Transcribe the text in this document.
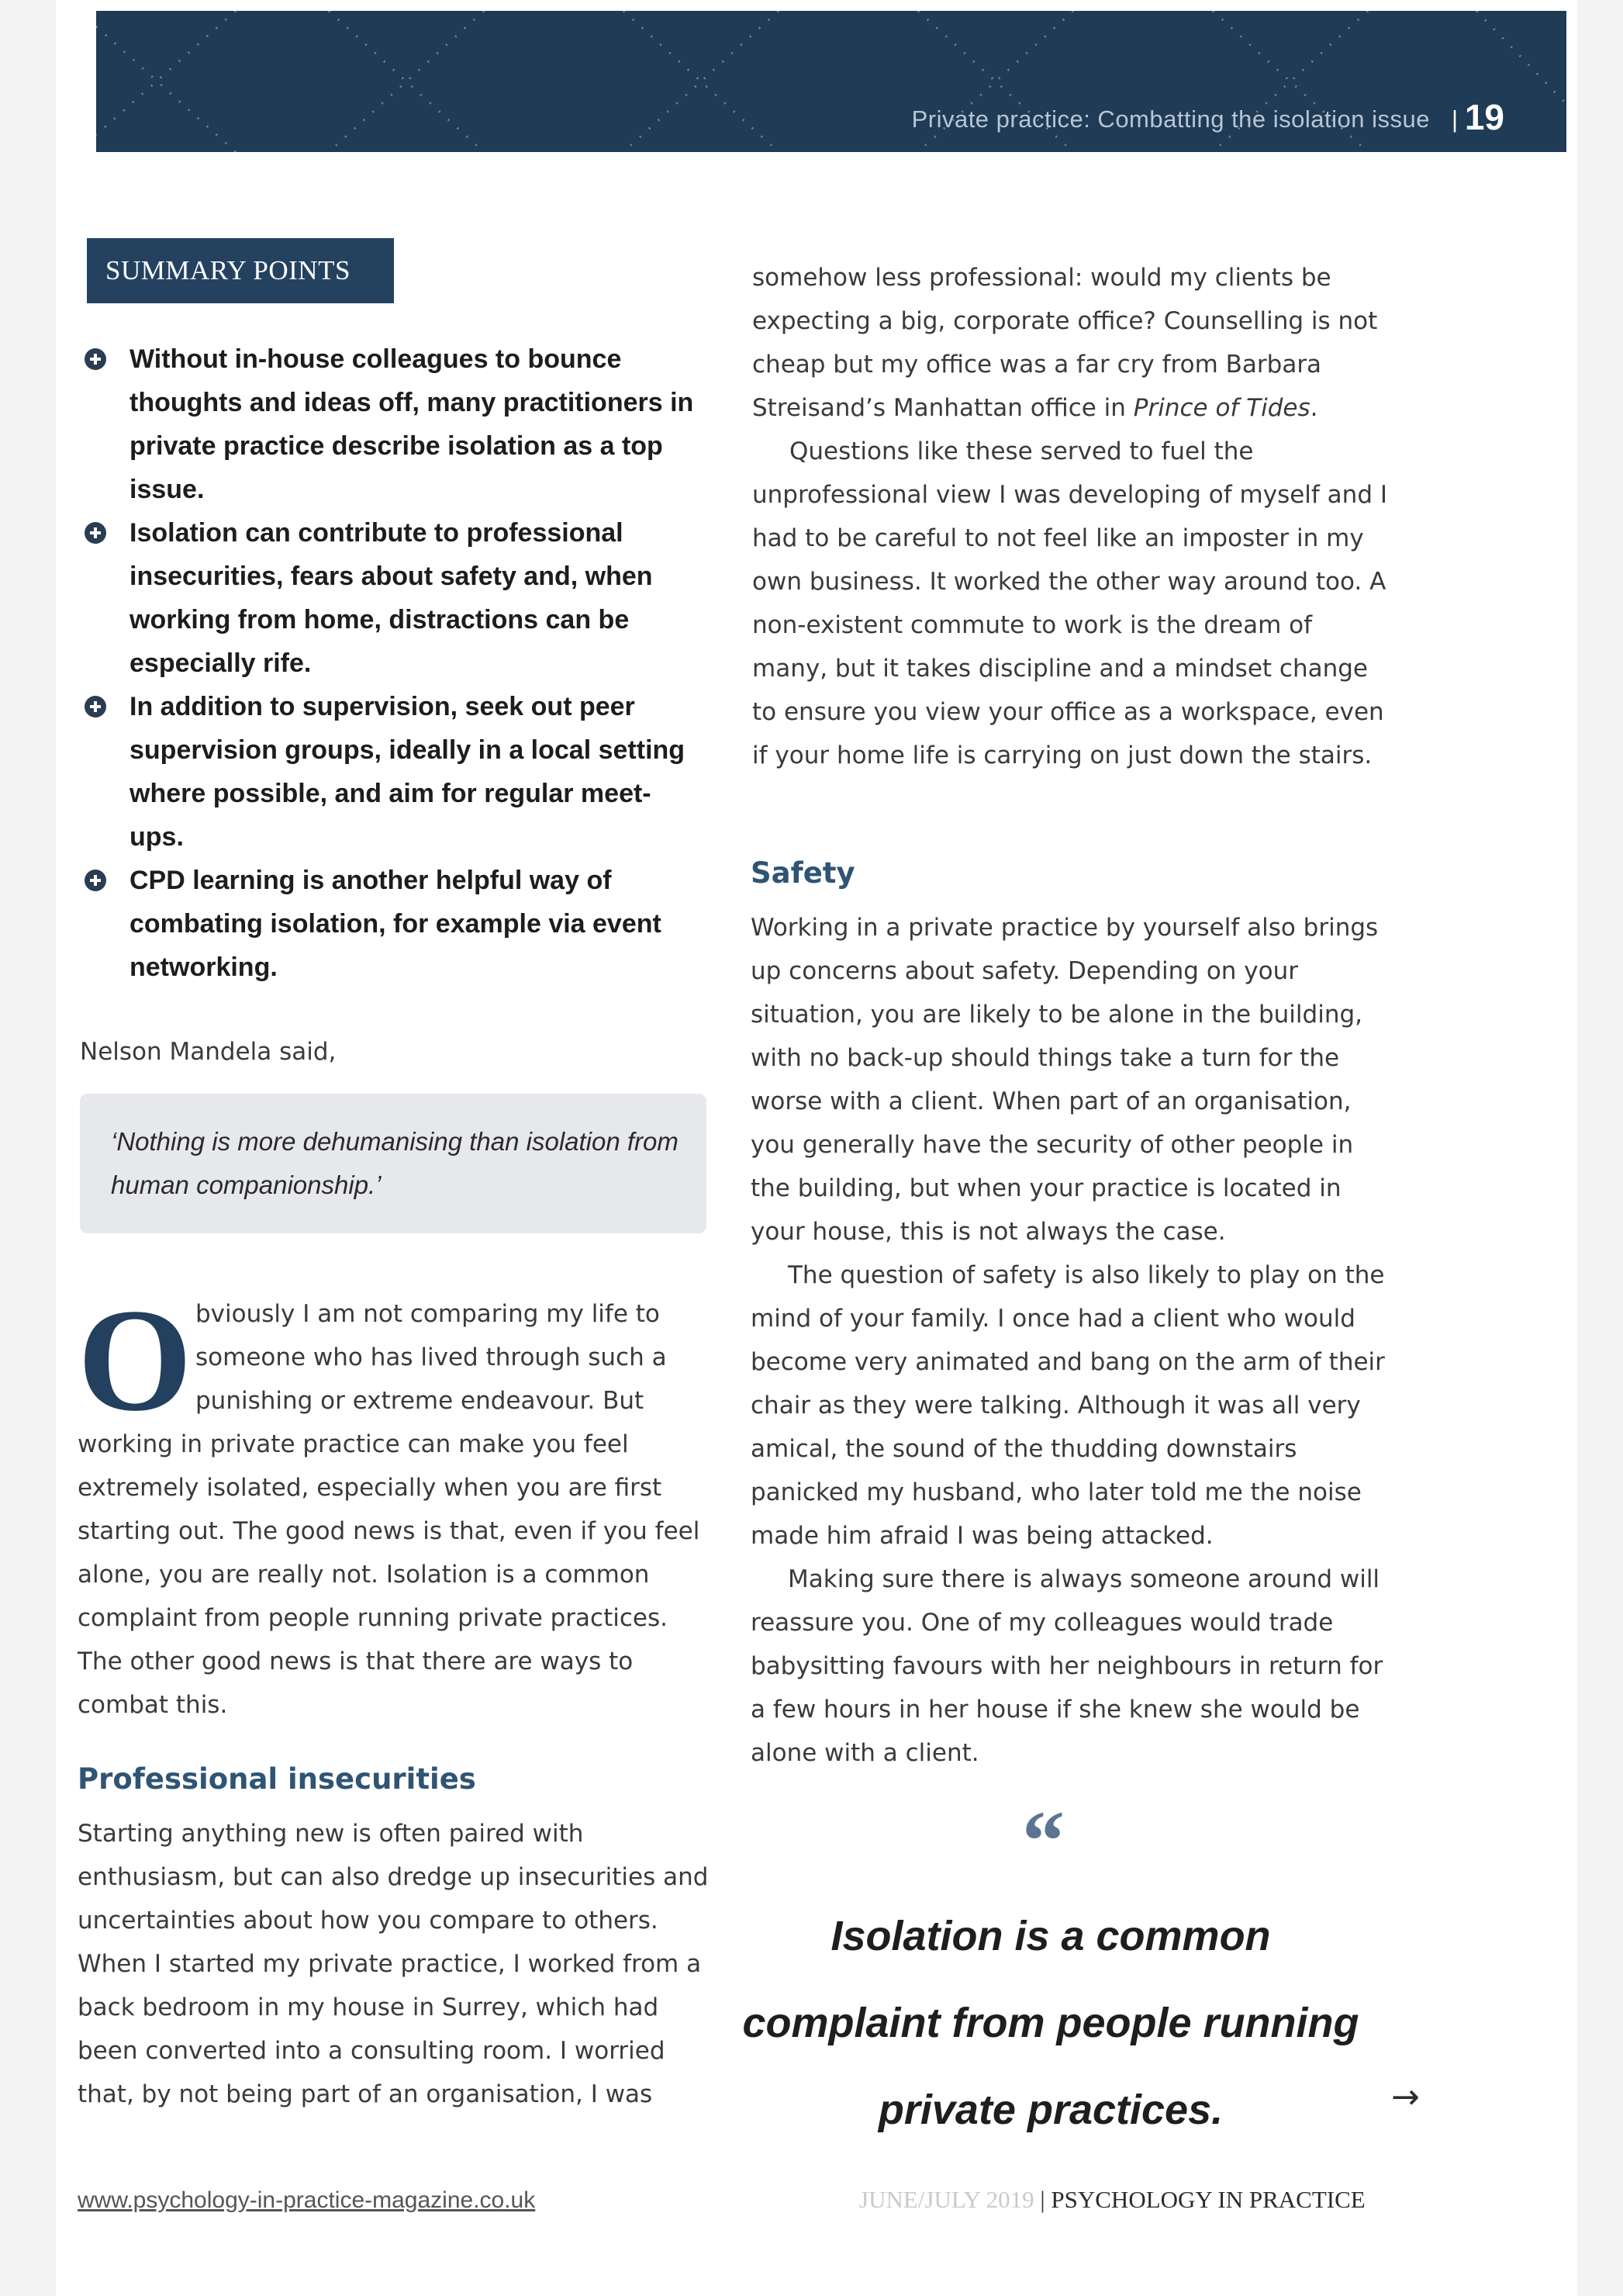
Private practice: Combatting the isolation issue | 19
SUMMARY POINTS
Without in-house colleagues to bounce thoughts and ideas off, many practitioners in private practice describe isolation as a top issue.
Isolation can contribute to professional insecurities, fears about safety and, when working from home, distractions can be especially rife.
In addition to supervision, seek out peer supervision groups, ideally in a local setting where possible, and aim for regular meet-ups.
CPD learning is another helpful way of combating isolation, for example via event networking.

Nelson Mandela said,

‘Nothing is more dehumanising than isolation from human companionship.’

O bviously I am not comparing my life to someone who has lived through such a punishing or extreme endeavour. But

working in private practice can make you feel extremely isolated, especially when you are first starting out. The good news is that, even if you feel alone, you are really not. Isolation is a common complaint from people running private practices. The other good news is that there are ways to combat this.

Professional insecurities

Starting anything new is often paired with enthusiasm, but can also dredge up insecurities and uncertainties about how you compare to others. When I started my private practice, I worked from a back bedroom in my house in Surrey, which had been converted into a consulting room. I worried that, by not being part of an organisation, I was

somehow less professional: would my clients be expecting a big, corporate office? Counselling is not cheap but my office was a far cry from Barbara Streisand’s Manhattan office in Prince of Tides.

Questions like these served to fuel the unprofessional view I was developing of myself and I had to be careful to not feel like an imposter in my own business. It worked the other way around too. A non-existent commute to work is the dream of many, but it takes discipline and a mindset change to ensure you view your office as a workspace, even if your home life is carrying on just down the stairs.

Safety

Working in a private practice by yourself also brings up concerns about safety. Depending on your situation, you are likely to be alone in the building, with no back-up should things take a turn for the worse with a client. When part of an organisation, you generally have the security of other people in the building, but when your practice is located in your house, this is not always the case.

The question of safety is also likely to play on the mind of your family. I once had a client who would become very animated and bang on the arm of their chair as they were talking. Although it was all very amical, the sound of the thudding downstairs panicked my husband, who later told me the noise made him afraid I was being attacked.

Making sure there is always someone around will reassure you. One of my colleagues would trade babysitting favours with her neighbours in return for a few hours in her house if she knew she would be alone with a client.

“

Isolation is a common complaint from people running private practices.	→
www.psychology-in-practice-magazine.co.uk	JUNE/JULY 2019 | PSYCHOLOGY IN PRACTICE
